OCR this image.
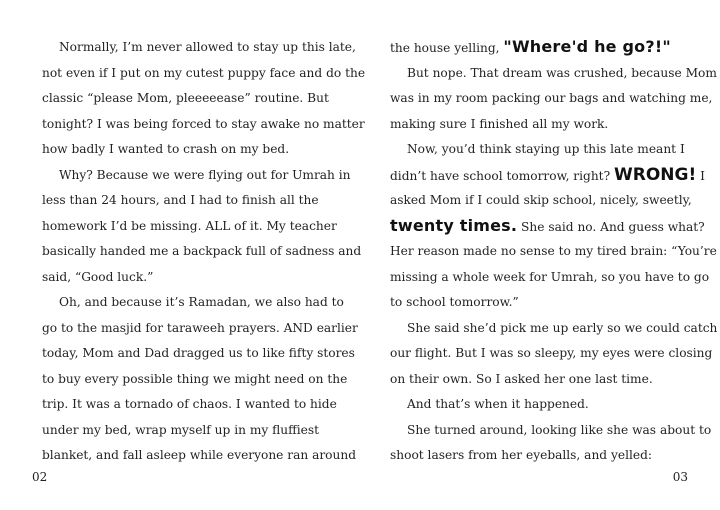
Normally, I’m never allowed to stay up this late,
not even if I put on my cutest puppy face and do the
classic “please Mom, pleeeeease” routine. But
tonight? I was being forced to stay awake no matter
how badly I wanted to crash on my bed.
Why? Because we were flying out for Umrah in
less than 24 hours, and I had to finish all the
homework I’d be missing. ALL of it. My teacher
basically handed me a backpack full of sadness and
said, “Good luck.”
Oh, and because it’s Ramadan, we also had to
go to the masjid for taraweeh prayers. AND earlier
today, Mom and Dad dragged us to like fifty stores
to buy every possible thing we might need on the
trip. It was a tornado of chaos. I wanted to hide
under my bed, wrap myself up in my fluffiest
blanket, and fall asleep while everyone ran around
the house yelling, "Where'd he go?!"
But nope. That dream was crushed, because Mom
was in my room packing our bags and watching me,
making sure I finished all my work.
Now, you’d think staying up this late meant I
didn’t have school tomorrow, right? WRONG! I
asked Mom if I could skip school, nicely, sweetly,
twenty times. She said no. And guess what?
Her reason made no sense to my tired brain: “You’re
missing a whole week for Umrah, so you have to go
to school tomorrow.”
She said she’d pick me up early so we could catch
our flight. But I was so sleepy, my eyes were closing
on their own. So I asked her one last time.
And that’s when it happened.
She turned around, looking like she was about to
shoot lasers from her eyeballs, and yelled:
02	03
